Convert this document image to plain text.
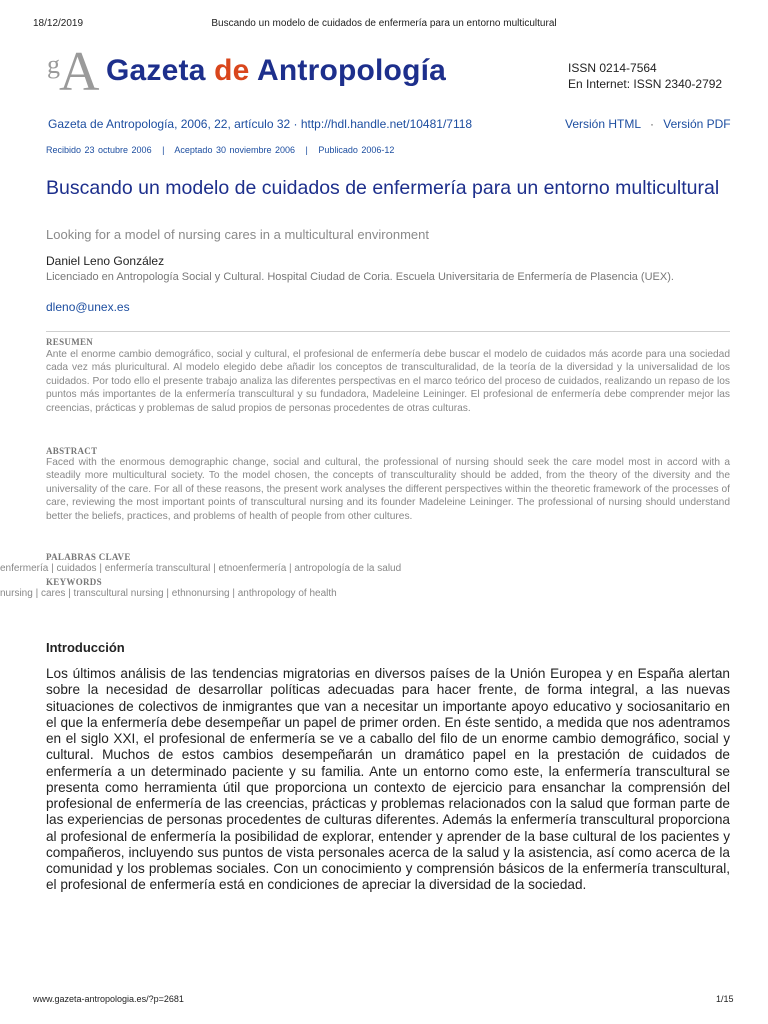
18/12/2019	Buscando un modelo de cuidados de enfermería para un entorno multicultural
g A Gazeta de Antropología	ISSN 0214-7564
En Internet: ISSN 2340-2792
Gazeta de Antropología, 2006, 22, artículo 32 · http://hdl.handle.net/10481/7118	Versión HTML · Versión PDF
Recibido 23 octubre 2006   |   Aceptado 30 noviembre 2006   |   Publicado 2006-12
Buscando un modelo de cuidados de enfermería para un entorno multicultural
Looking for a model of nursing cares in a multicultural environment
Daniel Leno González
Licenciado en Antropología Social y Cultural. Hospital Ciudad de Coria. Escuela Universitaria de Enfermería de Plasencia (UEX).
dleno@unex.es
RESUMEN
Ante el enorme cambio demográfico, social y cultural, el profesional de enfermería debe buscar el modelo de cuidados más acorde para una sociedad cada vez más pluricultural. Al modelo elegido debe añadir los conceptos de transculturalidad, de la teoría de la diversidad y la universalidad de los cuidados. Por todo ello el presente trabajo analiza las diferentes perspectivas en el marco teórico del proceso de cuidados, realizando un repaso de los puntos más importantes de la enfermería transcultural y su fundadora, Madeleine Leininger. El profesional de enfermería debe comprender mejor las creencias, prácticas y problemas de salud propios de personas procedentes de otras culturas.
ABSTRACT
Faced with the enormous demographic change, social and cultural, the professional of nursing should seek the care model most in accord with a steadily more multicultural society. To the model chosen, the concepts of transculturality should be added, from the theory of the diversity and the universality of the care. For all of these reasons, the present work analyses the different perspectives within the theoretic framework of the processes of care, reviewing the most important points of transcultural nursing and its founder Madeleine Leininger. The professional of nursing should understand better the beliefs, practices, and problems of health of people from other cultures.
PALABRAS CLAVE
enfermería | cuidados | enfermería transcultural | etnoenfermería | antropología de la salud
KEYWORDS
nursing | cares | transcultural nursing | ethnonursing | anthropology of health
Introducción
Los últimos análisis de las tendencias migratorias en diversos países de la Unión Europea y en España alertan sobre la necesidad de desarrollar políticas adecuadas para hacer frente, de forma integral, a las nuevas situaciones de colectivos de inmigrantes que van a necesitar un importante apoyo educativo y sociosanitario en el que la enfermería debe desempeñar un papel de primer orden. En éste sentido, a medida que nos adentramos en el siglo XXI, el profesional de enfermería se ve a caballo del filo de un enorme cambio demográfico, social y cultural. Muchos de estos cambios desempeñarán un dramático papel en la prestación de cuidados de enfermería a un determinado paciente y su familia. Ante un entorno como este, la enfermería transcultural se presenta como herramienta útil que proporciona un contexto de ejercicio para ensanchar la comprensión del profesional de enfermería de las creencias, prácticas y problemas relacionados con la salud que forman parte de las experiencias de personas procedentes de culturas diferentes. Además la enfermería transcultural proporciona al profesional de enfermería la posibilidad de explorar, entender y aprender de la base cultural de los pacientes y compañeros, incluyendo sus puntos de vista personales acerca de la salud y la asistencia, así como acerca de la comunidad y los problemas sociales. Con un conocimiento y comprensión básicos de la enfermería transcultural, el profesional de enfermería está en condiciones de apreciar la diversidad de la sociedad.
www.gazeta-antropologia.es/?p=2681	1/15
